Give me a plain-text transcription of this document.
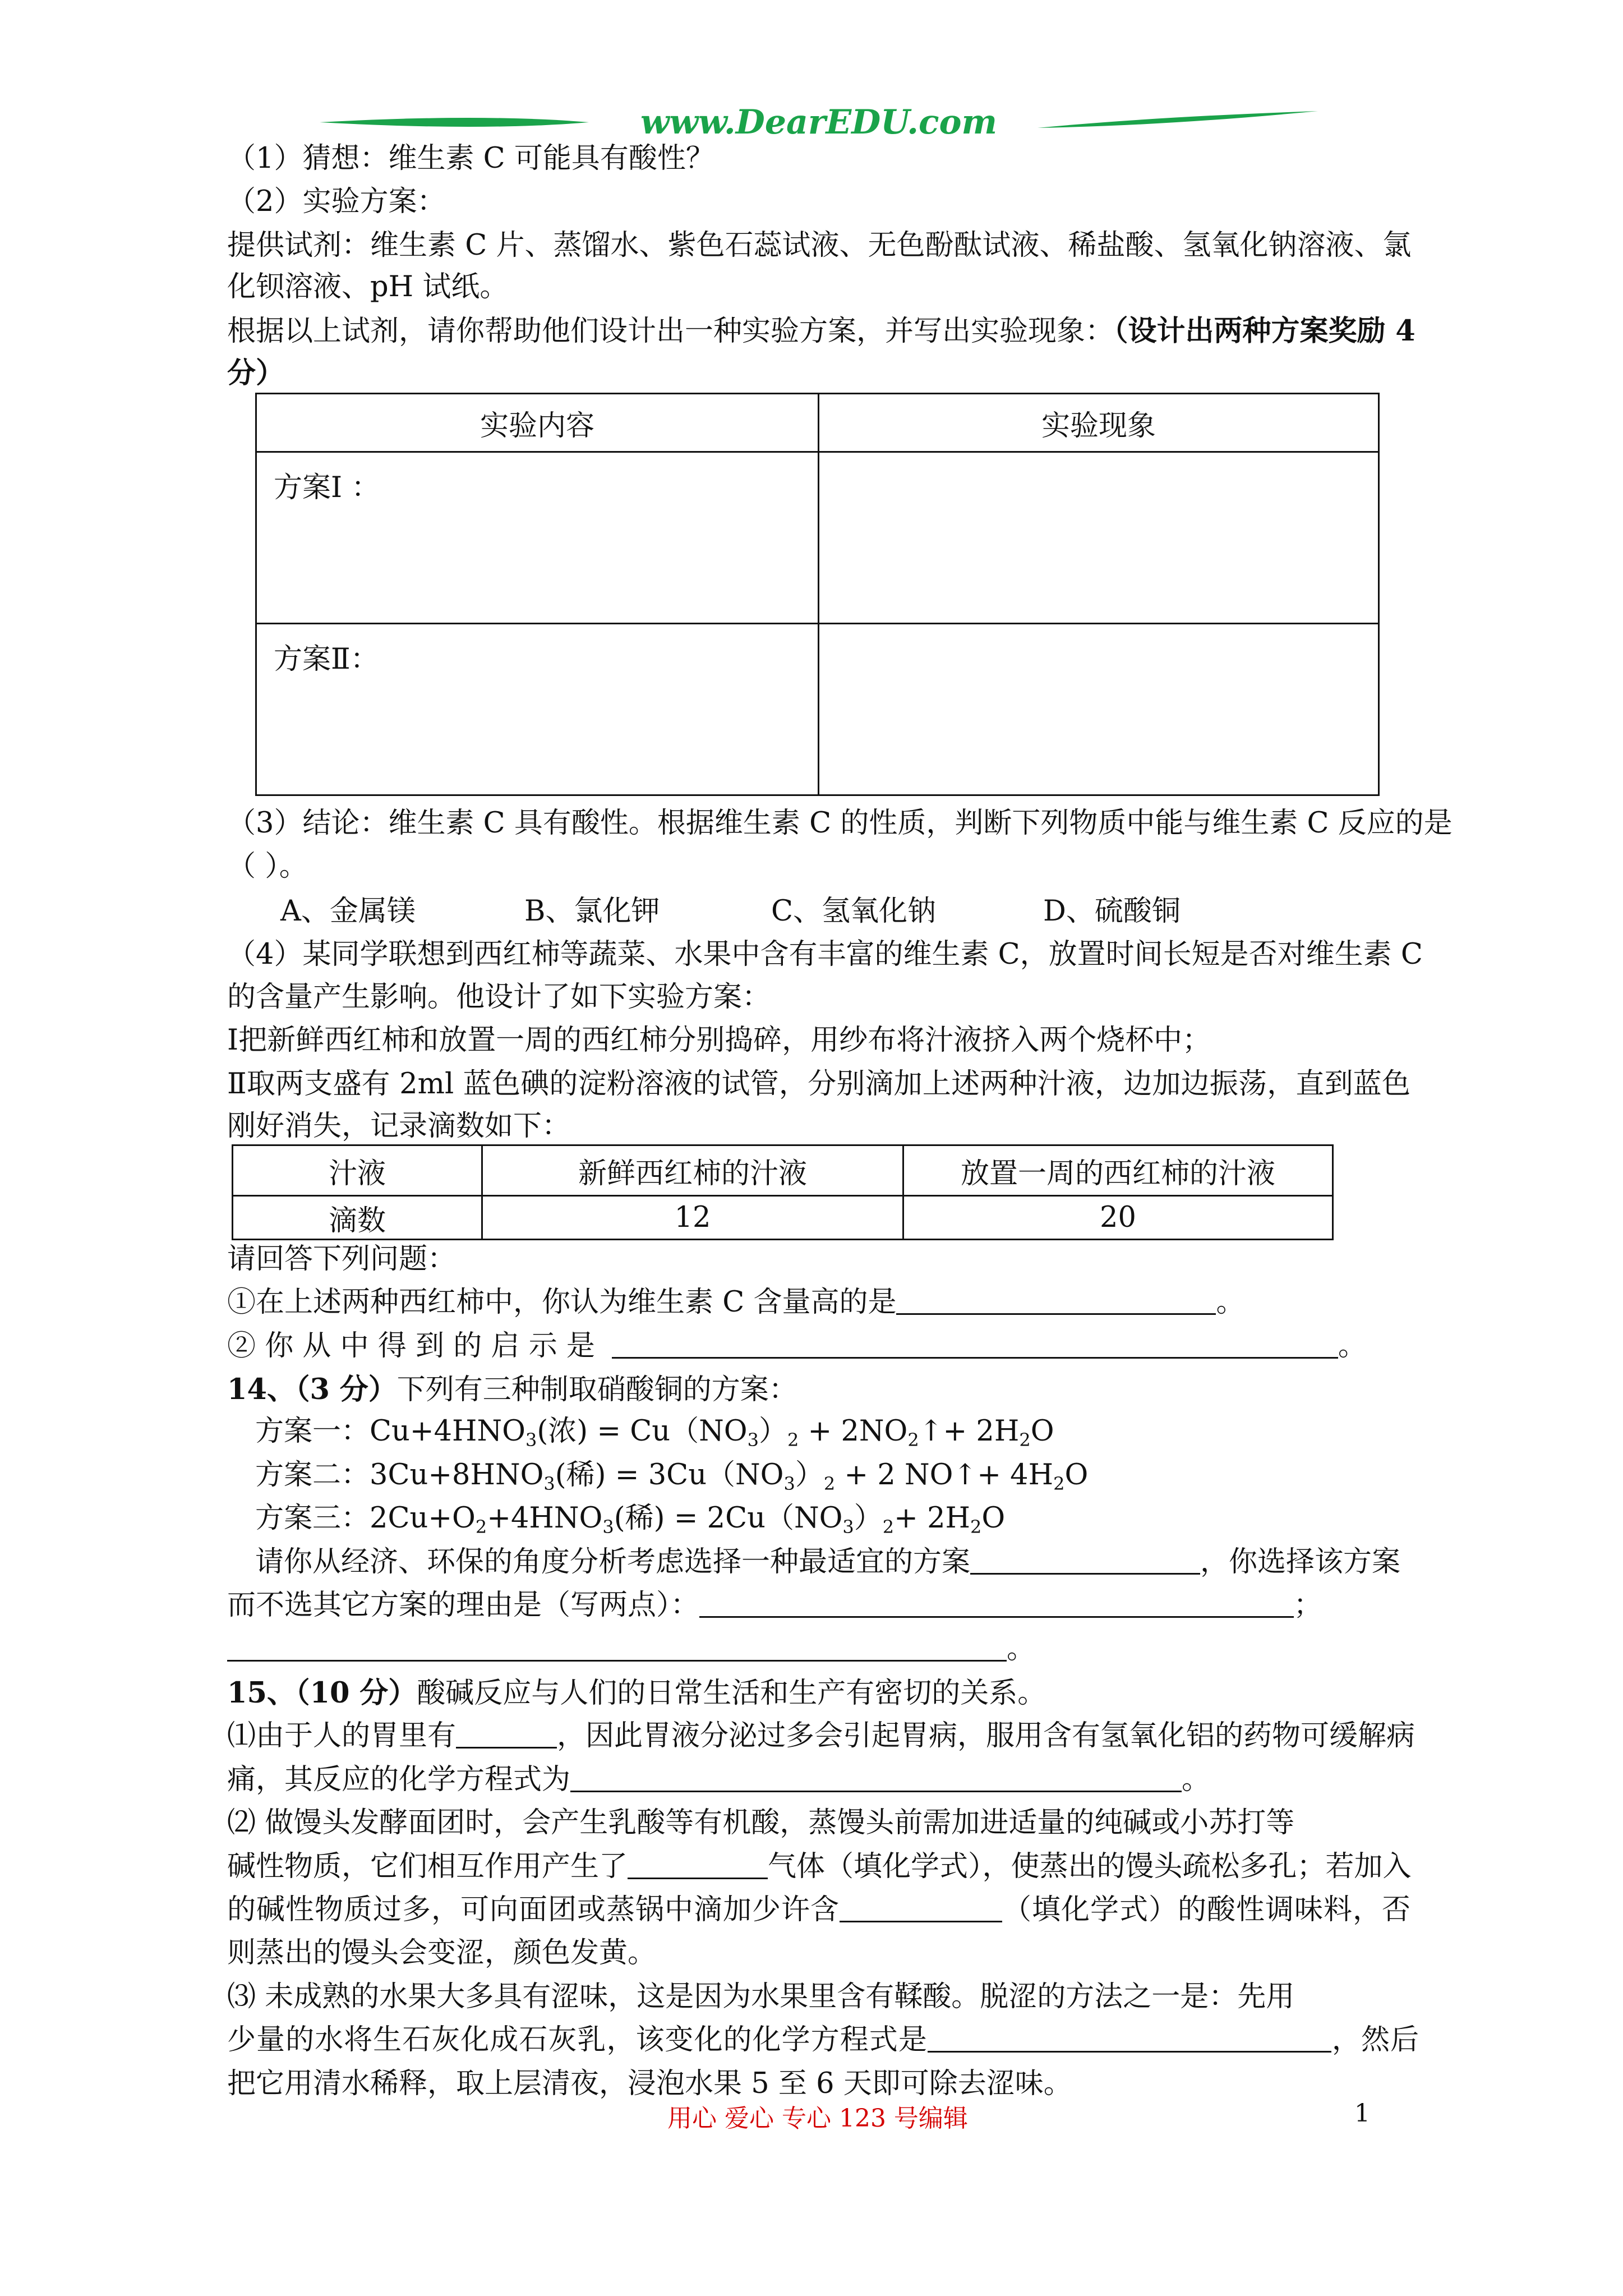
www.DearEDU.com
（1）猜想：维生素 C 可能具有酸性？
（2）实验方案：
提供试剂：维生素 C 片、蒸馏水、紫色石蕊试液、无色酚酞试液、稀盐酸、氢氧化钠溶液、氯
化钡溶液、pH 试纸。
根据以上试剂，请你帮助他们设计出一种实验方案，并写出实验现象：（设计出两种方案奖励 4
分）
实验内容	实验现象
方案Ⅰ ：	
方案Ⅱ：	
（3）结论：维生素 C 具有酸性。根据维生素 C 的性质，判断下列物质中能与维生素 C 反应的是
（ ）。
A、金属镁	B、氯化钾	C、氢氧化钠	D、硫酸铜
（4）某同学联想到西红柿等蔬菜、水果中含有丰富的维生素 C，放置时间长短是否对维生素 C
的含量产生影响。他设计了如下实验方案：
Ⅰ把新鲜西红柿和放置一周的西红柿分别捣碎，用纱布将汁液挤入两个烧杯中；
Ⅱ取两支盛有 2ml 蓝色碘的淀粉溶液的试管，分别滴加上述两种汁液，边加边振荡，直到蓝色
刚好消失，记录滴数如下：
汁液	新鲜西红柿的汁液	放置一周的西红柿的汁液
滴数	12	20
请回答下列问题：
①在上述两种西红柿中，你认为维生素 C 含量高的是	。
② 你 从 中 得 到 的 启 示 是	。
14、（3 分）下列有三种制取硝酸铜的方案：
方案一：$Cu+4HNO_3$(浓) = $Cu(NO_3)_2$ + $2NO_2↑+ 2H_2O$
方案二：$3Cu+8HNO_3$(稀) = $3Cu(NO_3)_2 + 2$ NO↑+ $4H_2O$
方案三：$2Cu+O_2+4HNO_3$(稀) = $2Cu(NO_3)_2+ 2H_2O$
请你从经济、环保的角度分析考虑选择一种最适宜的方案	，你选择该方案
而不选其它方案的理由是（写两点）：	；
。
15、（10 分）酸碱反应与人们的日常生活和生产有密切的关系。
⑴由于人的胃里有	，因此胃液分泌过多会引起胃病，服用含有氢氧化铝的药物可缓解病
痛，其反应的化学方程式为	。
⑵ 做馒头发酵面团时，会产生乳酸等有机酸，蒸馒头前需加进适量的纯碱或小苏打等
碱性物质，它们相互作用产生了	气体（填化学式），使蒸出的馒头疏松多孔；若加入
的碱性物质过多，可向面团或蒸锅中滴加少许含	（填化学式）的酸性调味料，否
则蒸出的馒头会变涩，颜色发黄。
⑶ 未成熟的水果大多具有涩味，这是因为水果里含有鞣酸。脱涩的方法之一是：先用
少量的水将生石灰化成石灰乳，该变化的化学方程式是	，然后
把它用清水稀释，取上层清夜，浸泡水果 5 至 6 天即可除去涩味。
用心 爱心 专心 123 号编辑	1
